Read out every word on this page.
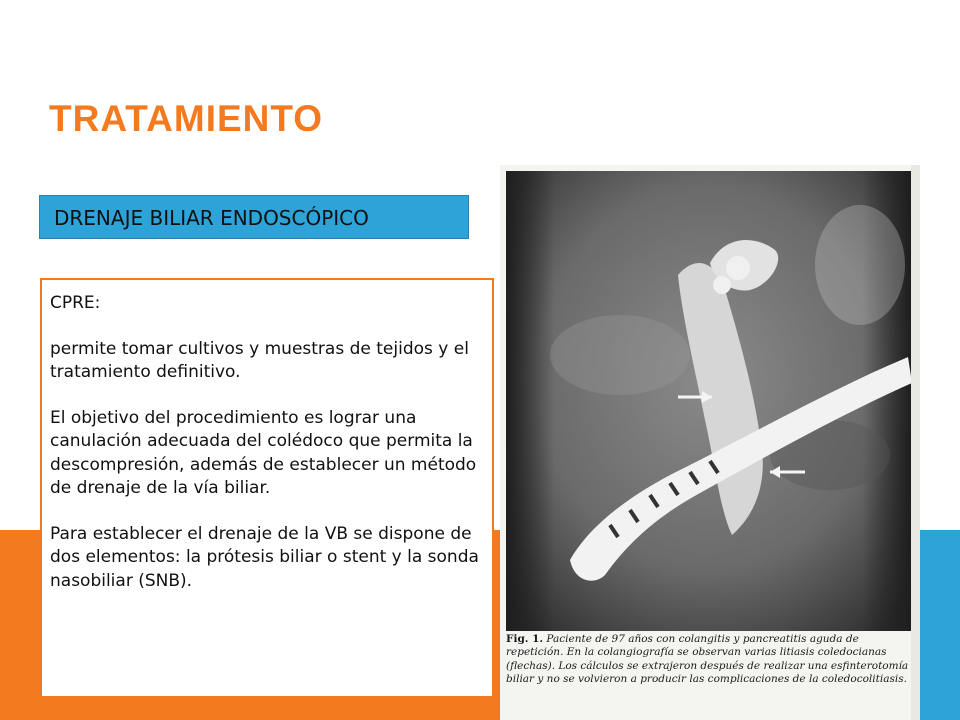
TRATAMIENTO
DRENAJE BILIAR ENDOSCÓPICO

CPRE:

permite tomar cultivos y muestras de tejidos y el tratamiento definitivo.

El objetivo del procedimiento es lograr una canulación adecuada del colédoco que permita la descompresión, además de establecer un método de drenaje de la vía biliar.

Para establecer el drenaje de la VB se dispone de dos elementos: la prótesis biliar o stent y la sonda nasobiliar (SNB).

Fig. 1. Paciente de 97 años con colangitis y pancreatitis aguda de repetición. En la colangiografía se observan varias litiasis coledocianas (flechas). Los cálculos se extrajeron después de realizar una esfinterotomía biliar y no se volvieron a producir las complicaciones de la coledocolitiasis.
